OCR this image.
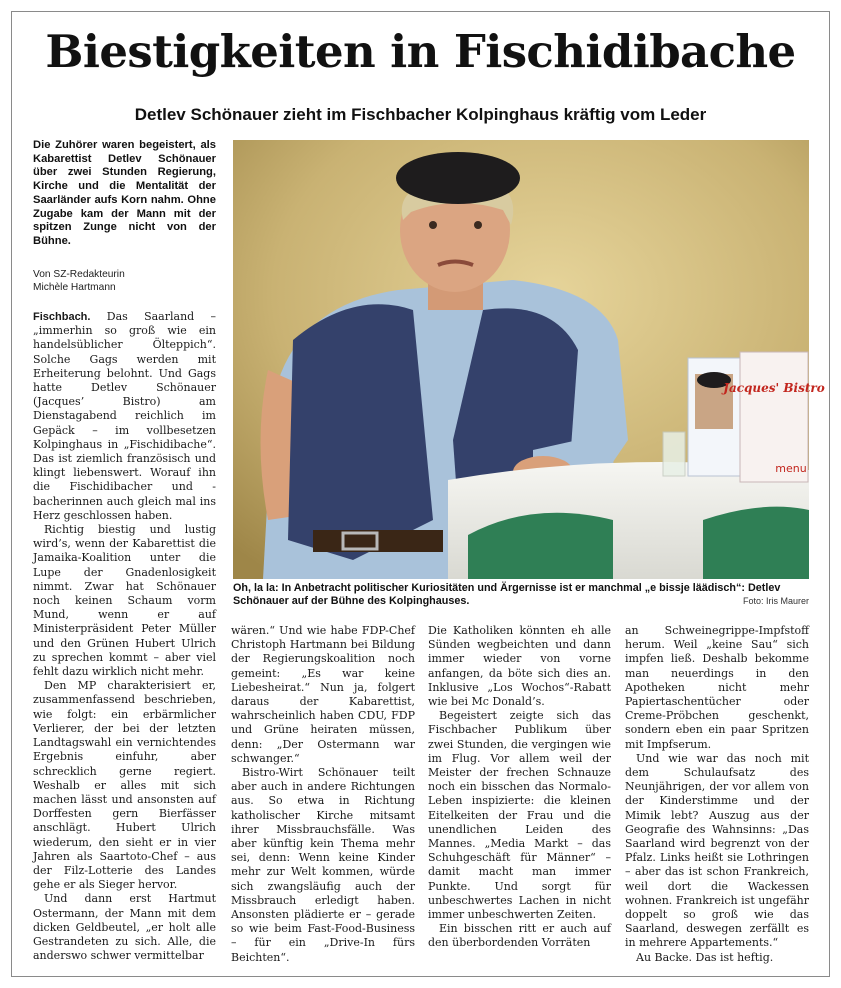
Biestigkeiten in Fischidibache
Detlev Schönauer zieht im Fischbacher Kolpinghaus kräftig vom Leder
Die Zuhörer waren begeistert, als Kabarettist Detlev Schönauer über zwei Stunden Regierung, Kirche und die Mentalität der Saarländer aufs Korn nahm. Ohne Zugabe kam der Mann mit der spitzen Zunge nicht von der Bühne.
Von SZ-Redakteurin
Michèle Hartmann

Fischbach. Das Saarland – „immerhin so groß wie ein handelsüblicher Ölteppich“. Solche Gags werden mit Erheiterung belohnt. Und Gags hatte Detlev Schönauer (Jacques’ Bistro) am Dienstagabend reichlich im Gepäck – im vollbesetzen Kolpinghaus in „Fischidibache“. Das ist ziemlich französisch und klingt liebenswert. Worauf ihn die Fischidibacher und -bacherinnen auch gleich mal ins Herz geschlossen haben.

Richtig biestig und lustig wird’s, wenn der Kabarettist die Jamaika-Koalition unter die Lupe der Gnadenlosigkeit nimmt. Zwar hat Schönauer noch keinen Schaum vorm Mund, wenn er auf Ministerpräsident Peter Müller und den Grünen Hubert Ulrich zu sprechen kommt – aber viel fehlt dazu wirklich nicht mehr.

Den MP charakterisiert er, zusammenfassend beschrieben, wie folgt: ein erbärmlicher Verlierer, der bei der letzten Landtagswahl ein vernichtendes Ergebnis einfuhr, aber schrecklich gerne regiert. Weshalb er alles mit sich machen lässt und ansonsten auf Dorffesten gern Bierfässer anschlägt. Hubert Ulrich wiederum, den sieht er in vier Jahren als Saartoto-Chef – aus der Filz-Lotterie des Landes gehe er als Sieger hervor.

Und dann erst Hartmut Ostermann, der Mann mit dem dicken Geldbeutel, „er holt alle Gestrandeten zu sich. Alle, die anderswo schwer vermittelbar

Jacques' Bistro
menu
Oh, la la: In Anbetracht politischer Kuriositäten und Ärgernisse ist er manchmal „e bissje läädisch“: Detlev Schönauer auf der Bühne des Kolpinghauses.	Foto: Iris Maurer

wären.“ Und wie habe FDP-Chef Christoph Hartmann bei Bildung der Regierungskoalition noch gemeint: „Es war keine Liebesheirat.“ Nun ja, folgert daraus der Kabarettist, wahrscheinlich haben CDU, FDP und Grüne heiraten müssen, denn: „Der Ostermann war schwanger.“

Bistro-Wirt Schönauer teilt aber auch in andere Richtungen aus. So etwa in Richtung katholischer Kirche mitsamt ihrer Missbrauchsfälle. Was aber künftig kein Thema mehr sei, denn: Wenn keine Kinder mehr zur Welt kommen, würde sich zwangsläufig auch der Missbrauch erledigt haben. Ansonsten plädierte er – gerade so wie beim Fast-Food-Business – für ein „Drive-In fürs Beichten“.

Die Katholiken könnten eh alle Sünden wegbeichten und dann immer wieder von vorne anfangen, da böte sich dies an. Inklusive „Los Wochos“-Rabatt wie bei Mc Donald’s.

Begeistert zeigte sich das Fischbacher Publikum über zwei Stunden, die vergingen wie im Flug. Vor allem weil der Meister der frechen Schnauze noch ein bisschen das Normalo-Leben inspizierte: die kleinen Eitelkeiten der Frau und die unendlichen Leiden des Mannes. „Media Markt – das Schuhgeschäft für Männer“ – damit macht man immer Punkte. Und sorgt für unbeschwertes Lachen in nicht immer unbeschwerten Zeiten.

Ein bisschen ritt er auch auf den überbordenden Vorräten

an Schweinegrippe-Impfstoff herum. Weil „keine Sau“ sich impfen ließ. Deshalb bekomme man neuerdings in den Apotheken nicht mehr Papiertaschentücher oder Creme-Pröbchen geschenkt, sondern eben ein paar Spritzen mit Impfserum.

Und wie war das noch mit dem Schulaufsatz des Neunjährigen, der vor allem von der Kinderstimme und der Mimik lebt? Auszug aus der Geografie des Wahnsinns: „Das Saarland wird begrenzt von der Pfalz. Links heißt sie Lothringen – aber das ist schon Frankreich, weil dort die Wackessen wohnen. Frankreich ist ungefähr doppelt so groß wie das Saarland, deswegen zerfällt es in mehrere Appartements.“

Au Backe. Das ist heftig.
